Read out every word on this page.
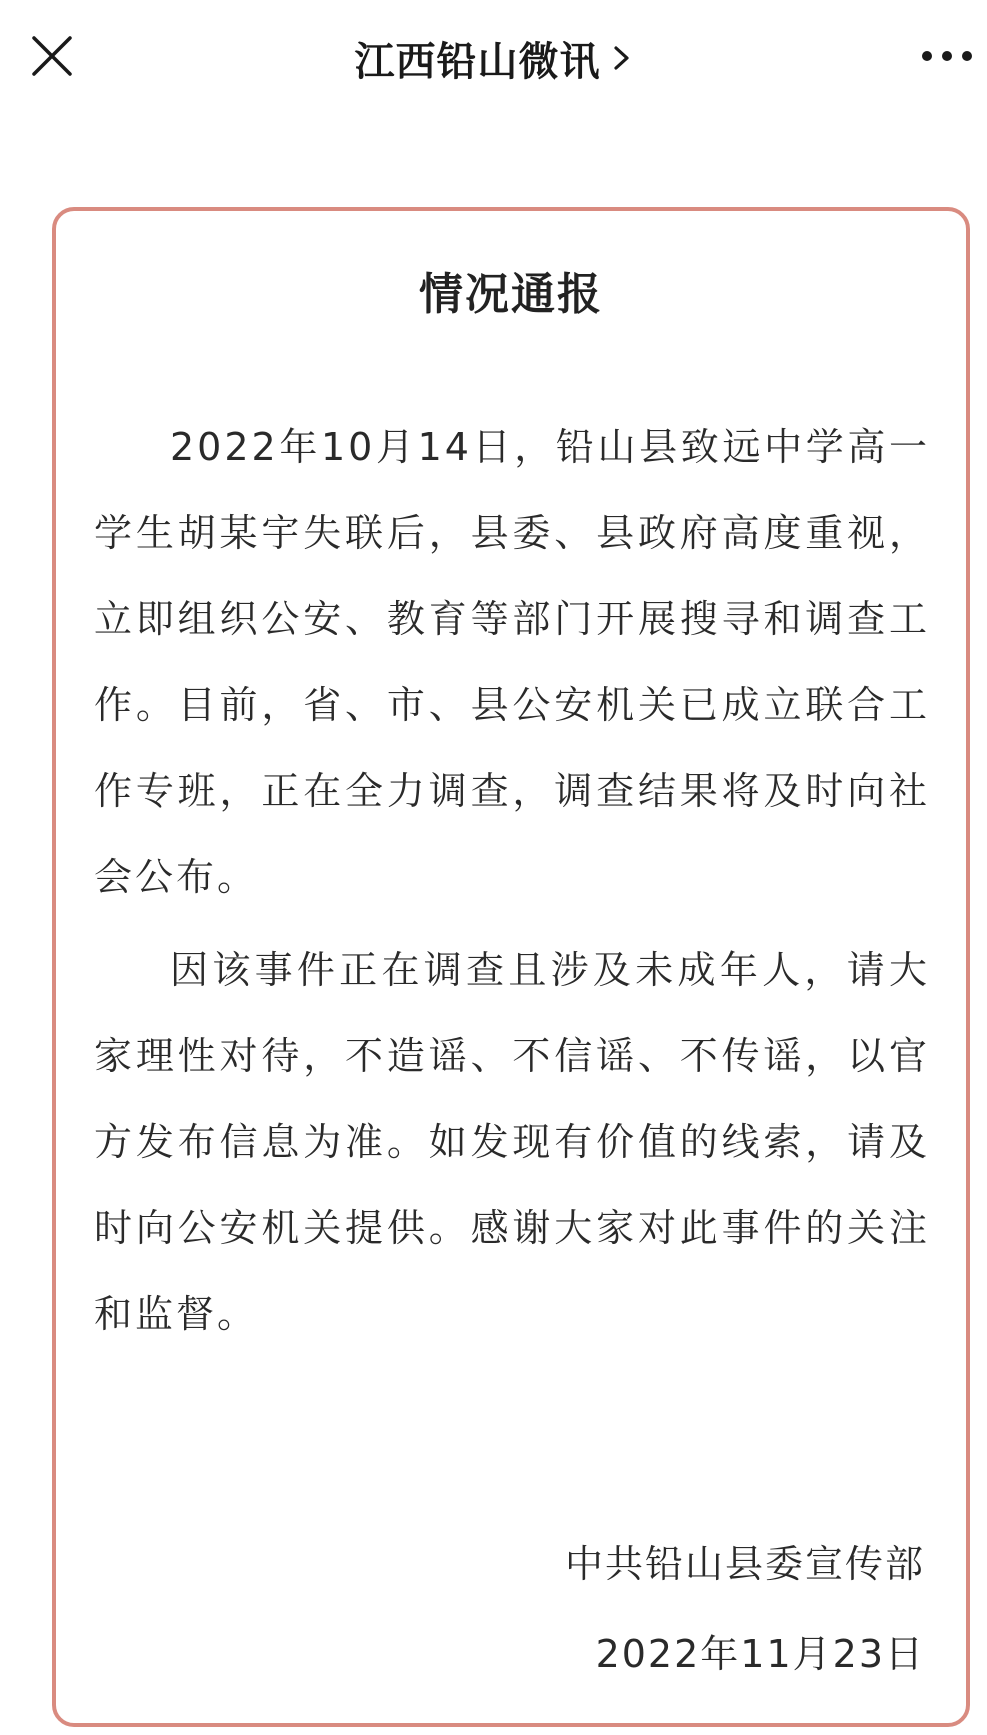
江西铅山微讯
情况通报

2022年10月14日，铅山县致远中学高一学生胡某宇失联后，县委、县政府高度重视，立即组织公安、教育等部门开展搜寻和调查工作。目前，省、市、县公安机关已成立联合工作专班，正在全力调查，调查结果将及时向社会公布。

因该事件正在调查且涉及未成年人，请大家理性对待，不造谣、不信谣、不传谣，以官方发布信息为准。如发现有价值的线索，请及时向公安机关提供。感谢大家对此事件的关注和监督。

中共铅山县委宣传部
2022年11月23日
